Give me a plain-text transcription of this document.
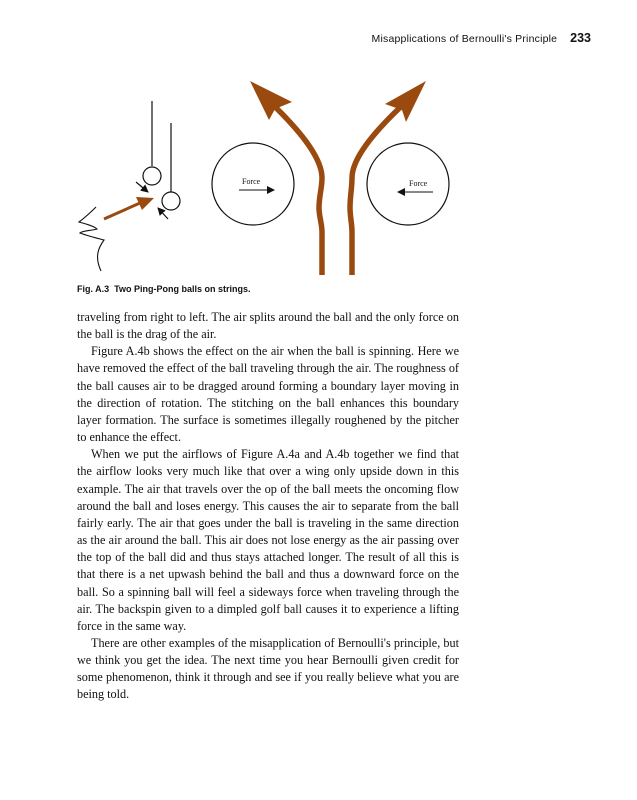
Misapplications of Bernoulli's Principle 233
Force	Force
Fig. A.3 Two Ping-Pong balls on strings.

traveling from right to left. The air splits around the ball and the only force on the ball is the drag of the air.

Figure A.4b shows the effect on the air when the ball is spinning. Here we have removed the effect of the ball traveling through the air. The roughness of the ball causes air to be dragged around forming a boundary layer moving in the direction of rotation. The stitching on the ball enhances this boundary layer formation. The surface is sometimes illegally roughened by the pitcher to enhance the effect.

When we put the airflows of Figure A.4a and A.4b together we find that the airflow looks very much like that over a wing only upside down in this example. The air that travels over the op of the ball meets the oncoming flow around the ball and loses energy. This causes the air to separate from the ball fairly early. The air that goes under the ball is traveling in the same direction as the air around the ball. This air does not lose energy as the air passing over the top of the ball did and thus stays attached longer. The result of all this is that there is a net upwash behind the ball and thus a downward force on the ball. So a spinning ball will feel a sideways force when traveling through the air. The backspin given to a dimpled golf ball causes it to experience a lifting force in the same way.

There are other examples of the misapplication of Bernoulli's principle, but we think you get the idea. The next time you hear Bernoulli given credit for some phenomenon, think it through and see if you really believe what you are being told.
